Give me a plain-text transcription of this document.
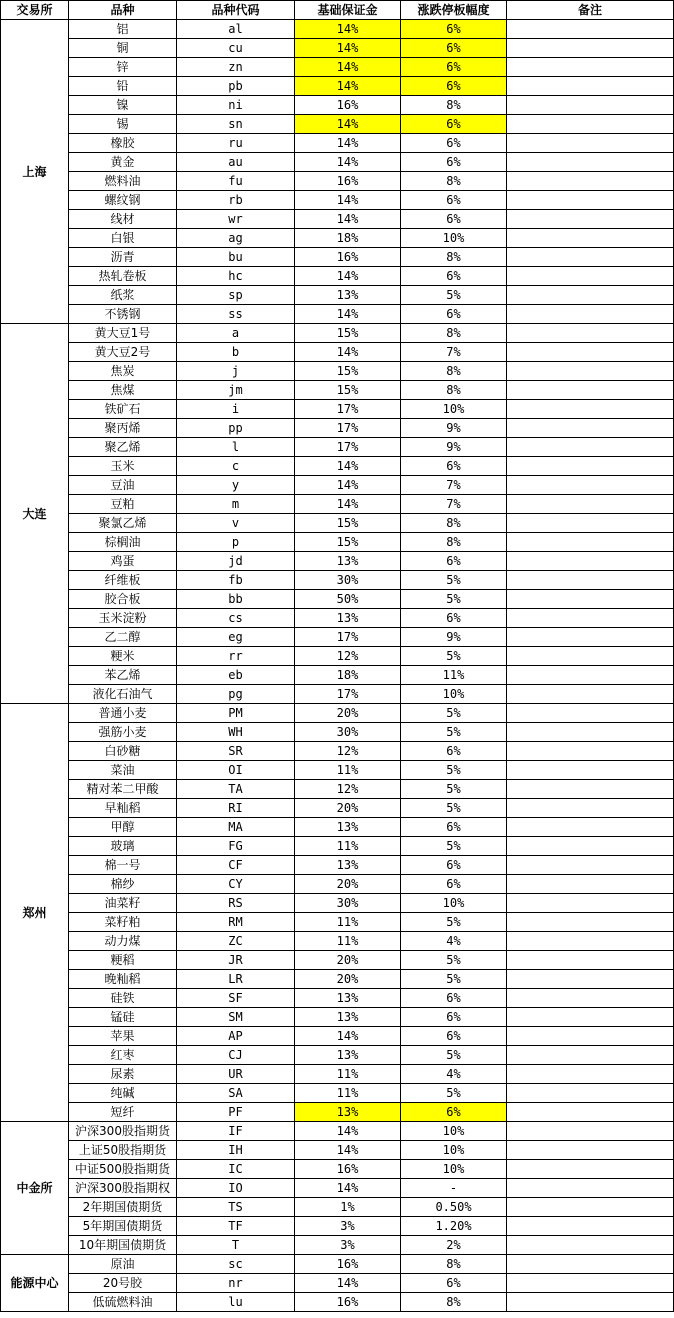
交易所	品种	品种代码	基础保证金	涨跌停板幅度	备注
上海	铝	al	14%	6%	
	铜	cu	14%	6%	
	锌	zn	14%	6%	
	铅	pb	14%	6%	
	镍	ni	16%	8%	
	锡	sn	14%	6%	
	橡胶	ru	14%	6%	
	黄金	au	14%	6%	
	燃料油	fu	16%	8%	
	螺纹钢	rb	14%	6%	
	线材	wr	14%	6%	
	白银	ag	18%	10%	
	沥青	bu	16%	8%	
	热轧卷板	hc	14%	6%	
	纸浆	sp	13%	5%	
	不锈钢	ss	14%	6%	
大连	黄大豆1号	a	15%	8%	
	黄大豆2号	b	14%	7%	
	焦炭	j	15%	8%	
	焦煤	jm	15%	8%	
	铁矿石	i	17%	10%	
	聚丙烯	pp	17%	9%	
	聚乙烯	l	17%	9%	
	玉米	c	14%	6%	
	豆油	y	14%	7%	
	豆粕	m	14%	7%	
	聚氯乙烯	v	15%	8%	
	棕榈油	p	15%	8%	
	鸡蛋	jd	13%	6%	
	纤维板	fb	30%	5%	
	胶合板	bb	50%	5%	
	玉米淀粉	cs	13%	6%	
	乙二醇	eg	17%	9%	
	粳米	rr	12%	5%	
	苯乙烯	eb	18%	11%	
	液化石油气	pg	17%	10%	
郑州	普通小麦	PM	20%	5%	
	强筋小麦	WH	30%	5%	
	白砂糖	SR	12%	6%	
	菜油	OI	11%	5%	
	精对苯二甲酸	TA	12%	5%	
	早籼稻	RI	20%	5%	
	甲醇	MA	13%	6%	
	玻璃	FG	11%	5%	
	棉一号	CF	13%	6%	
	棉纱	CY	20%	6%	
	油菜籽	RS	30%	10%	
	菜籽粕	RM	11%	5%	
	动力煤	ZC	11%	4%	
	粳稻	JR	20%	5%	
	晚籼稻	LR	20%	5%	
	硅铁	SF	13%	6%	
	锰硅	SM	13%	6%	
	苹果	AP	14%	6%	
	红枣	CJ	13%	5%	
	尿素	UR	11%	4%	
	纯碱	SA	11%	5%	
	短纤	PF	13%	6%	
中金所	沪深300股指期货	IF	14%	10%	
	上证50股指期货	IH	14%	10%	
	中证500股指期货	IC	16%	10%	
	沪深300股指期权	IO	14%	-	
	2年期国债期货	TS	1%	0.50%	
	5年期国债期货	TF	3%	1.20%	
	10年期国债期货	T	3%	2%	
能源中心	原油	sc	16%	8%	
	20号胶	nr	14%	6%	
	低硫燃料油	lu	16%	8%	
